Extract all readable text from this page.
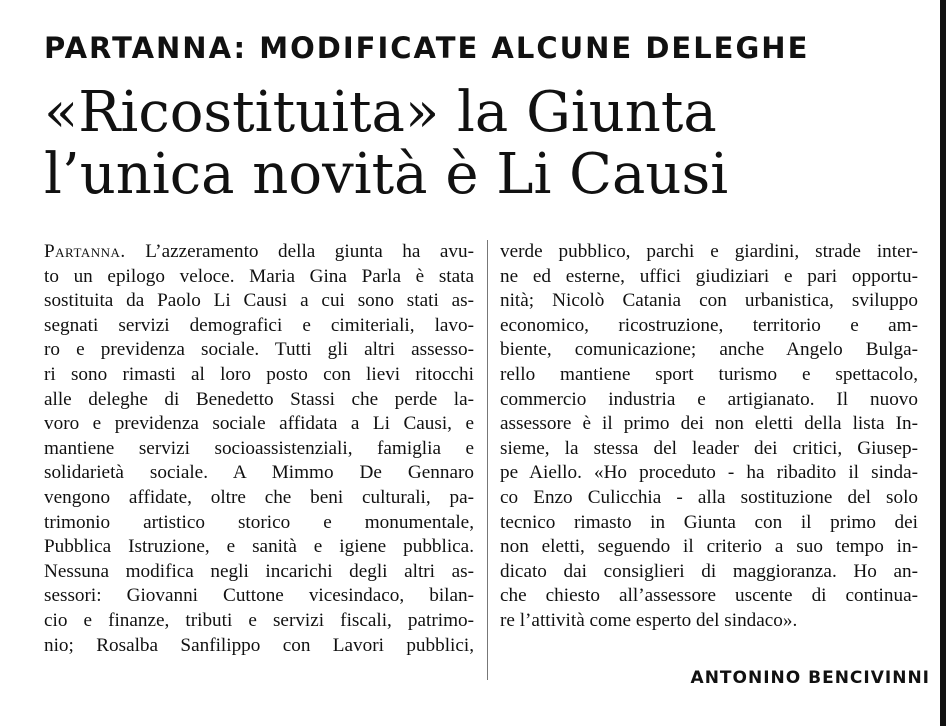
PARTANNA: MODIFICATE ALCUNE DELEGHE
«Ricostituita» la Giunta
l’unica novità è Li Causi

Partanna. L’azzeramento della giunta ha avu-

to un epilogo veloce. Maria Gina Parla è stata

sostituita da Paolo Li Causi a cui sono stati as-

segnati servizi demografici e cimiteriali, lavo-

ro e previdenza sociale. Tutti gli altri assesso-

ri sono rimasti al loro posto con lievi ritocchi

alle deleghe di Benedetto Stassi che perde la-

voro e previdenza sociale affidata a Li Causi, e

mantiene servizi socioassistenziali, famiglia e

solidarietà sociale. A Mimmo De Gennaro

vengono affidate, oltre che beni culturali, pa-

trimonio artistico storico e monumentale,

Pubblica Istruzione, e sanità e igiene pubblica.

Nessuna modifica negli incarichi degli altri as-

sessori: Giovanni Cuttone vicesindaco, bilan-

cio e finanze, tributi e servizi fiscali, patrimo-

nio; Rosalba Sanfilippo con Lavori pubblici,

verde pubblico, parchi e giardini, strade inter-

ne ed esterne, uffici giudiziari e pari opportu-

nità; Nicolò Catania con urbanistica, sviluppo

economico, ricostruzione, territorio e am-

biente, comunicazione; anche Angelo Bulga-

rello mantiene sport turismo e spettacolo,

commercio industria e artigianato. Il nuovo

assessore è il primo dei non eletti della lista In-

sieme, la stessa del leader dei critici, Giusep-

pe Aiello. «Ho proceduto - ha ribadito il sinda-

co Enzo Culicchia - alla sostituzione del solo

tecnico rimasto in Giunta con il primo dei

non eletti, seguendo il criterio a suo tempo in-

dicato dai consiglieri di maggioranza. Ho an-

che chiesto all’assessore uscente di continua-

re l’attività come esperto del sindaco».

ANTONINO BENCIVINNI
